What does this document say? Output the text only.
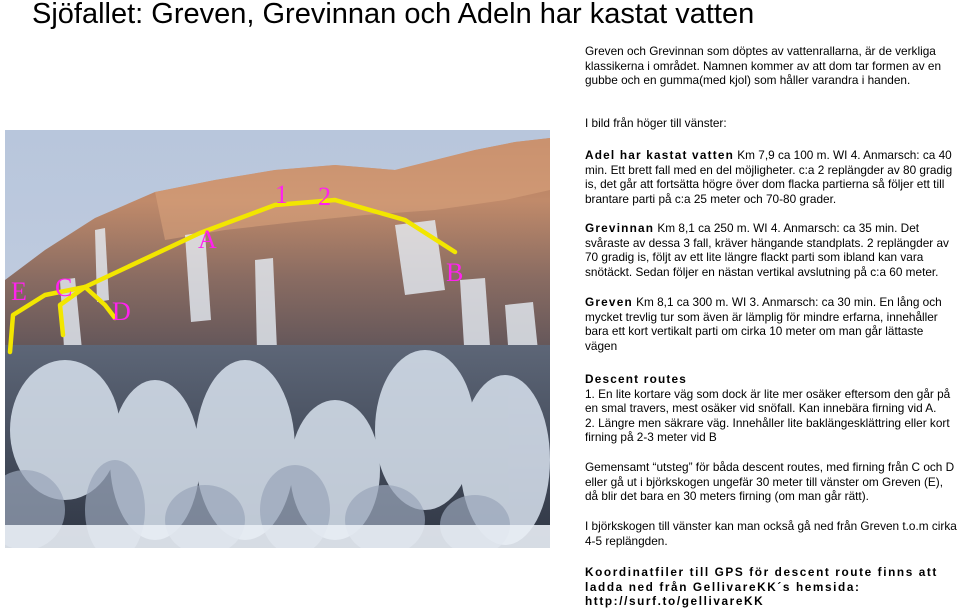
Sjöfallet: Greven, Grevinnan och Adeln har kastat vatten
1 2
A
B
C
D
E
Greven och Grevinnan som döptes av vattenrallarna, är de verkliga klassikerna i området. Namnen kommer av att dom tar formen av en gubbe och en gumma(med kjol) som håller varandra i handen.
I bild från höger till vänster:
Adel har kastat vatten Km 7,9 ca 100 m. WI 4. Anmarsch: ca 40 min. Ett brett fall med en del möjligheter. c:a 2 replängder av 80 gradig is, det går att fortsätta högre över dom flacka partierna så följer ett till brantare parti på c:a 25 meter och 70-80 grader.
Grevinnan Km 8,1 ca 250 m. WI 4. Anmarsch: ca 35 min. Det svåraste av dessa 3 fall, kräver hängande standplats. 2 replängder av 70 gradig is, följt av ett lite längre flackt parti som ibland kan vara snötäckt. Sedan följer en nästan vertikal avslutning på c:a 60 meter.
Greven Km 8,1 ca 300 m. WI 3. Anmarsch: ca 30 min. En lång och mycket trevlig tur som även är lämplig för mindre erfarna, innehåller bara ett kort vertikalt parti om cirka 10 meter om man går lättaste vägen

Descent routes

1. En lite kortare väg som dock är lite mer osäker eftersom den går på en smal travers, mest osäker vid snöfall. Kan innebära firning vid A.

2. Längre men säkrare väg. Innehåller lite baklängesklättring eller kort firning på 2-3 meter vid B

Gemensamt “utsteg” för båda descent routes, med firning från C och D eller gå ut i björkskogen ungefär 30 meter till vänster om Greven (E), då blir det bara en 30 meters firning (om man går rätt).
I björkskogen till vänster kan man också gå ned från Greven t.o.m cirka 4-5 replängden.
Koordinatfiler till GPS för descent route finns att ladda ned från GellivareKK´s hemsida: http://surf.to/gellivareKK
